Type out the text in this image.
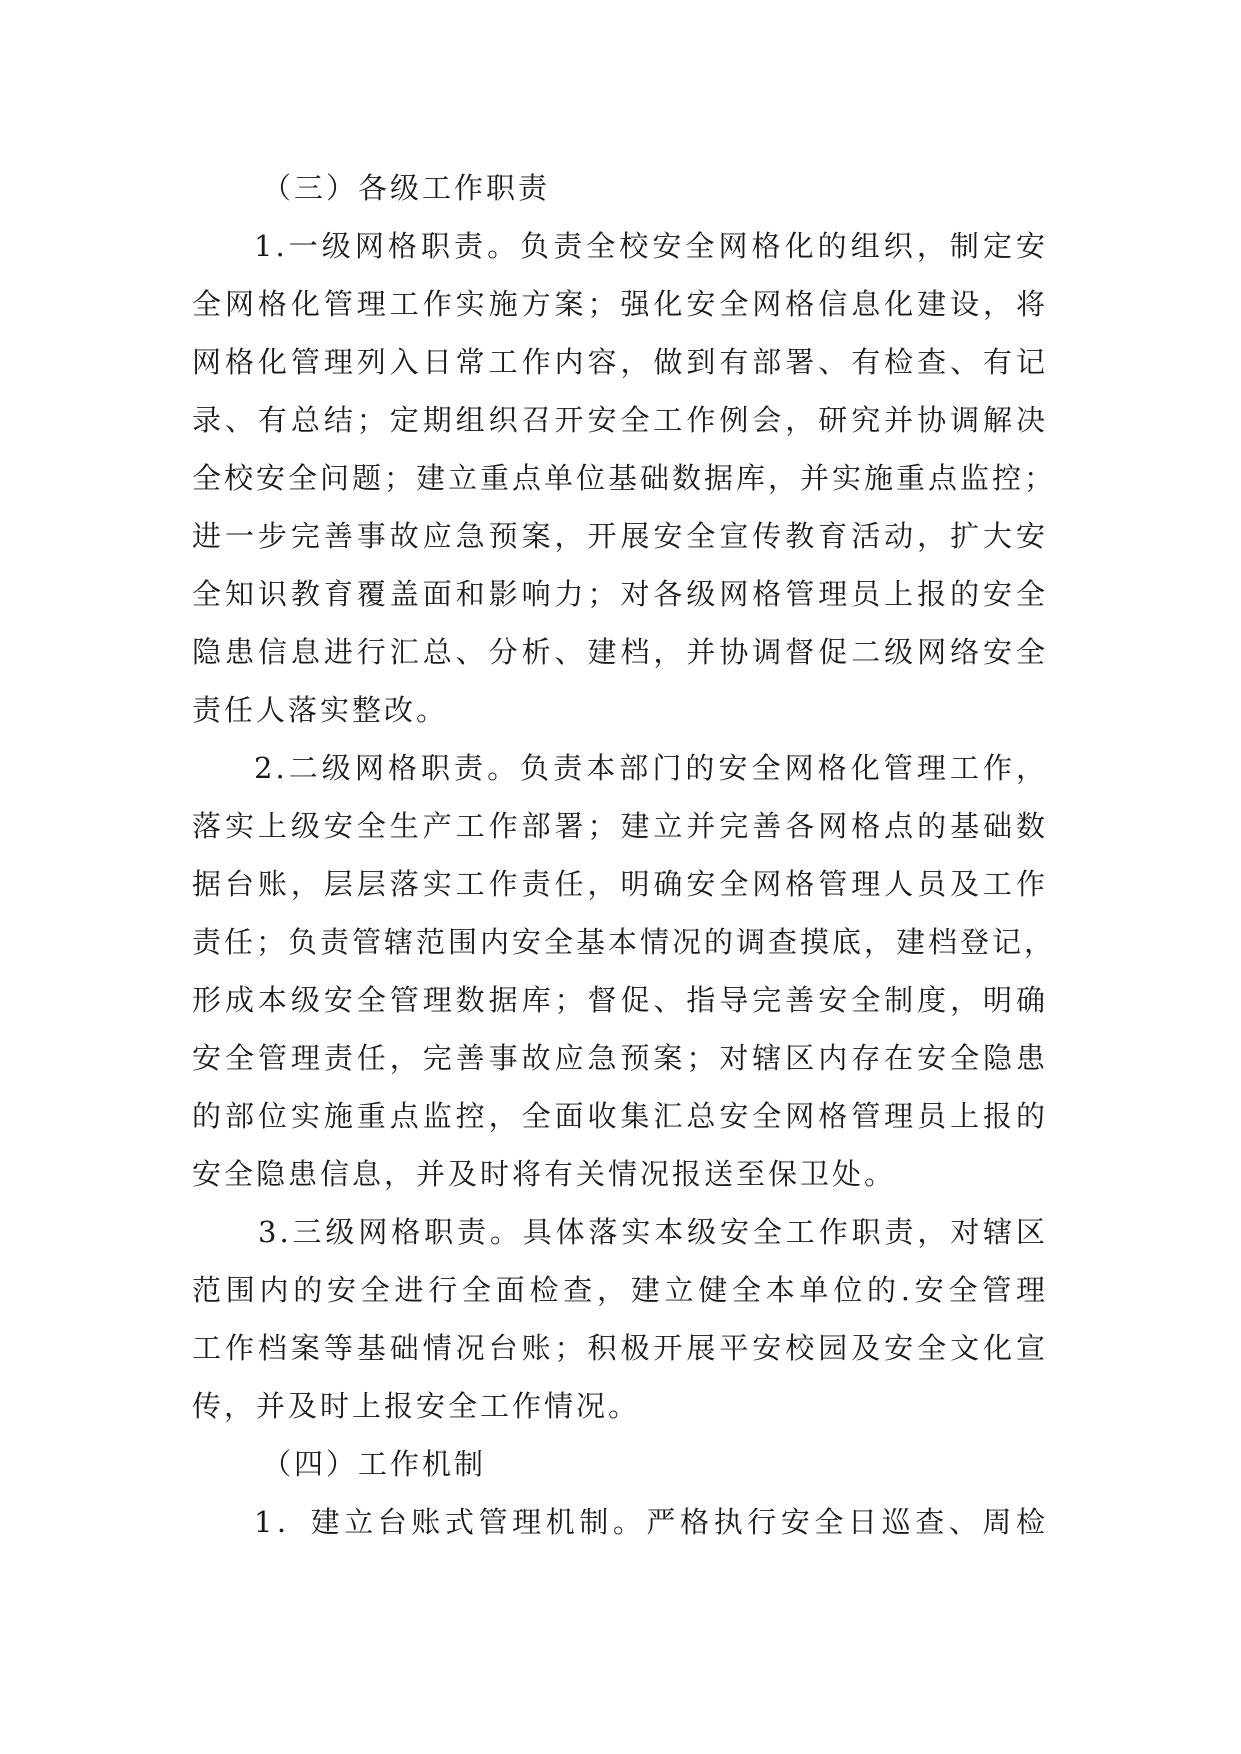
（三）各级工作职责
1.一级网格职责。负责全校安全网格化的组织，制定安
全网格化管理工作实施方案；强化安全网格信息化建设，将
网格化管理列入日常工作内容，做到有部署、有检查、有记
录、有总结；定期组织召开安全工作例会，研究并协调解决
全校安全问题；建立重点单位基础数据库，并实施重点监控；
进一步完善事故应急预案，开展安全宣传教育活动，扩大安
全知识教育覆盖面和影响力；对各级网格管理员上报的安全
隐患信息进行汇总、分析、建档，并协调督促二级网络安全
责任人落实整改。
2.二级网格职责。负责本部门的安全网格化管理工作，
落实上级安全生产工作部署；建立并完善各网格点的基础数
据台账，层层落实工作责任，明确安全网格管理人员及工作
责任；负责管辖范围内安全基本情况的调查摸底，建档登记，
形成本级安全管理数据库；督促、指导完善安全制度，明确
安全管理责任，完善事故应急预案；对辖区内存在安全隐患
的部位实施重点监控，全面收集汇总安全网格管理员上报的
安全隐患信息，并及时将有关情况报送至保卫处。
3.三级网格职责。具体落实本级安全工作职责，对辖区
范围内的安全进行全面检查，建立健全本单位的.安全管理
工作档案等基础情况台账；积极开展平安校园及安全文化宣
传，并及时上报安全工作情况。
（四）工作机制
1．建立台账式管理机制。严格执行安全日巡查、周检
